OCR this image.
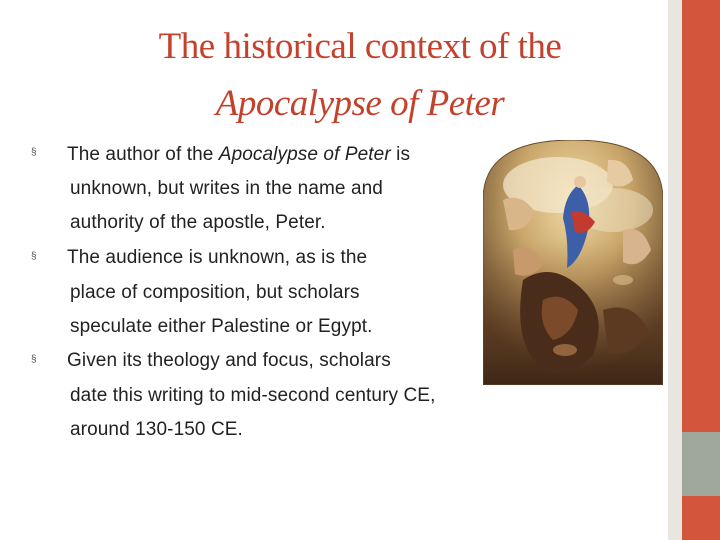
The historical context of the
Apocalypse of Peter
§	The author of the Apocalypse of Peter is
unknown, but writes in the name and
authority of the apostle, Peter.
§	The audience is unknown, as is the
place of composition, but scholars
speculate either Palestine or Egypt.
§	Given its theology and focus, scholars
date this writing to mid-second century CE,
around 130-150 CE.
